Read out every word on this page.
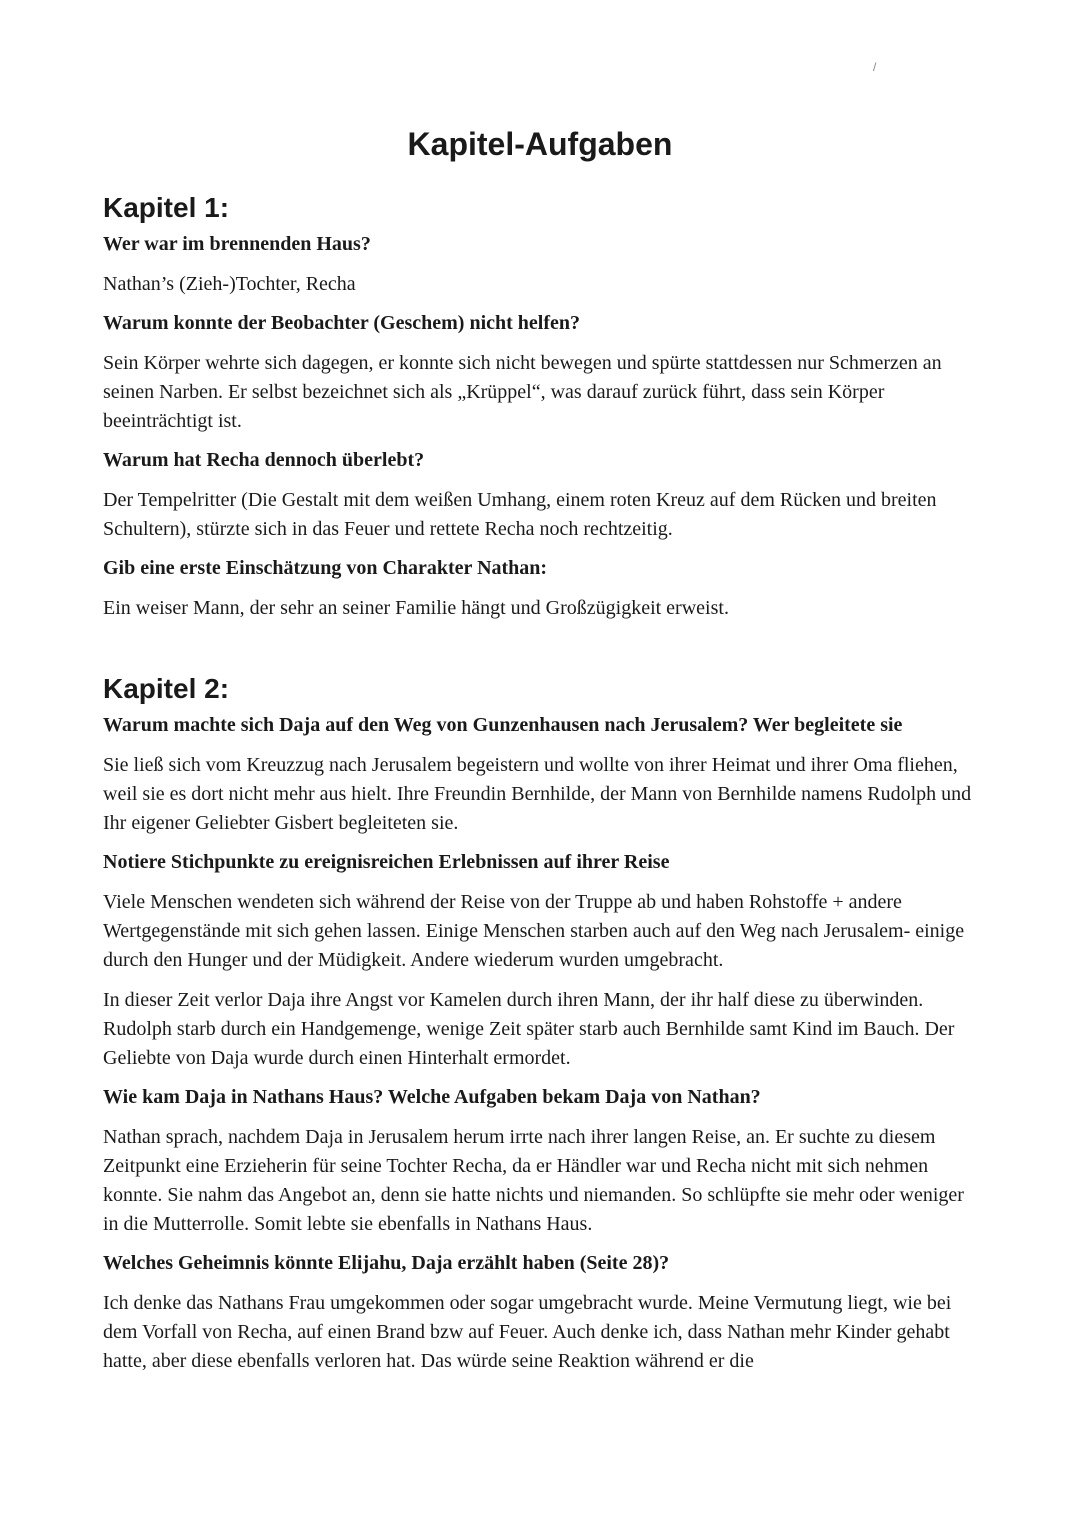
/
Kapitel-Aufgaben
Kapitel 1:

Wer war im brennenden Haus?

Nathan’s (Zieh-)Tochter, Recha

Warum konnte der Beobachter (Geschem) nicht helfen?

Sein Körper wehrte sich dagegen, er konnte sich nicht bewegen und spürte stattdessen nur Schmerzen an seinen Narben. Er selbst bezeichnet sich als „Krüppel“, was darauf zurück führt, dass sein Körper beeinträchtigt ist.

Warum hat Recha dennoch überlebt?

Der Tempelritter (Die Gestalt mit dem weißen Umhang, einem roten Kreuz auf dem Rücken und breiten Schultern), stürzte sich in das Feuer und rettete Recha noch rechtzeitig.

Gib eine erste Einschätzung von Charakter Nathan:

Ein weiser Mann, der sehr an seiner Familie hängt und Großzügigkeit erweist.

Kapitel 2:

Warum machte sich Daja auf den Weg von Gunzenhausen nach Jerusalem? Wer begleitete sie

Sie ließ sich vom Kreuzzug nach Jerusalem begeistern und wollte von ihrer Heimat und ihrer Oma fliehen, weil sie es dort nicht mehr aus hielt. Ihre Freundin Bernhilde, der Mann von Bernhilde namens Rudolph und Ihr eigener Geliebter Gisbert begleiteten sie.

Notiere Stichpunkte zu ereignisreichen Erlebnissen auf ihrer Reise

Viele Menschen wendeten sich während der Reise von der Truppe ab und haben Rohstoffe + andere Wertgegenstände mit sich gehen lassen. Einige Menschen starben auch auf den Weg nach Jerusalem- einige durch den Hunger und der Müdigkeit. Andere wiederum wurden umgebracht.

In dieser Zeit verlor Daja ihre Angst vor Kamelen durch ihren Mann, der ihr half diese zu überwinden. Rudolph starb durch ein Handgemenge, wenige Zeit später starb auch Bernhilde samt Kind im Bauch. Der Geliebte von Daja wurde durch einen Hinterhalt ermordet.

Wie kam Daja in Nathans Haus? Welche Aufgaben bekam Daja von Nathan?

Nathan sprach, nachdem Daja in Jerusalem herum irrte nach ihrer langen Reise, an. Er suchte zu diesem Zeitpunkt eine Erzieherin für seine Tochter Recha, da er Händler war und Recha nicht mit sich nehmen konnte. Sie nahm das Angebot an, denn sie hatte nichts und niemanden. So schlüpfte sie mehr oder weniger in die Mutterrolle. Somit lebte sie ebenfalls in Nathans Haus.

Welches Geheimnis könnte Elijahu, Daja erzählt haben (Seite 28)?

Ich denke das Nathans Frau umgekommen oder sogar umgebracht wurde. Meine Vermutung liegt, wie bei dem Vorfall von Recha, auf einen Brand bzw auf Feuer. Auch denke ich, dass Nathan mehr Kinder gehabt hatte, aber diese ebenfalls verloren hat. Das würde seine Reaktion während er die
